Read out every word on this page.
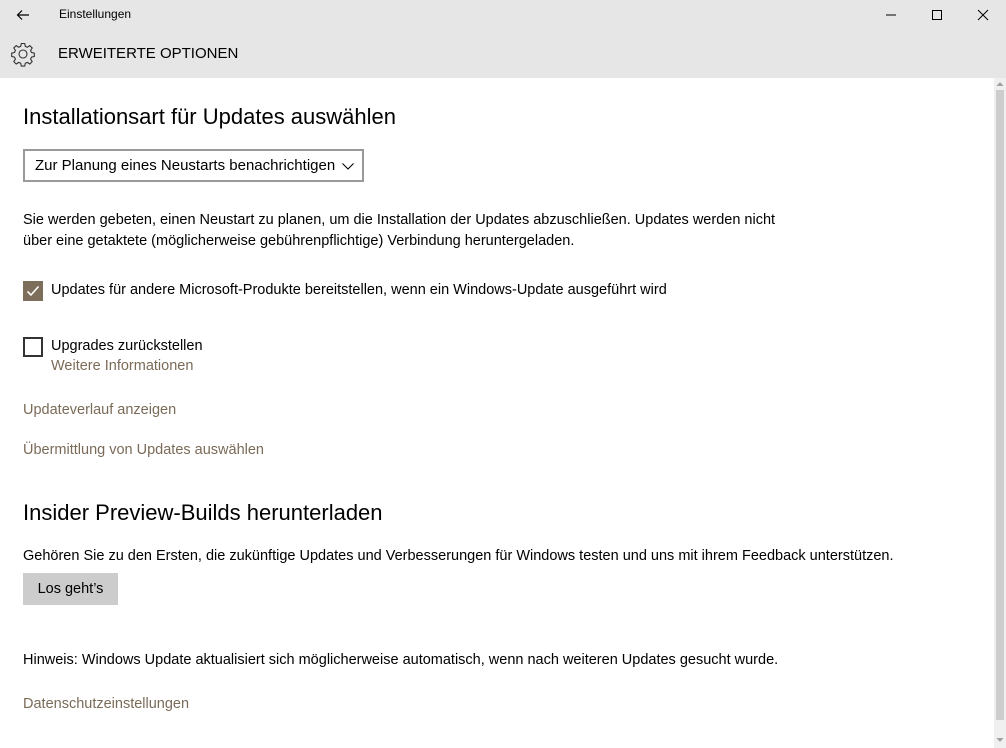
Einstellungen
ERWEITERTE OPTIONEN
Installationsart für Updates auswählen
Zur Planung eines Neustarts benachrichtigen
Sie werden gebeten, einen Neustart zu planen, um die Installation der Updates abzuschließen. Updates werden nicht
über eine getaktete (möglicherweise gebührenpflichtige) Verbindung heruntergeladen.
Updates für andere Microsoft-Produkte bereitstellen, wenn ein Windows-Update ausgeführt wird
Upgrades zurückstellen
Weitere Informationen
Updateverlauf anzeigen
Übermittlung von Updates auswählen
Insider Preview-Builds herunterladen
Gehören Sie zu den Ersten, die zukünftige Updates und Verbesserungen für Windows testen und uns mit ihrem Feedback unterstützen.
Los geht’s
Hinweis: Windows Update aktualisiert sich möglicherweise automatisch, wenn nach weiteren Updates gesucht wurde.
Datenschutzeinstellungen
